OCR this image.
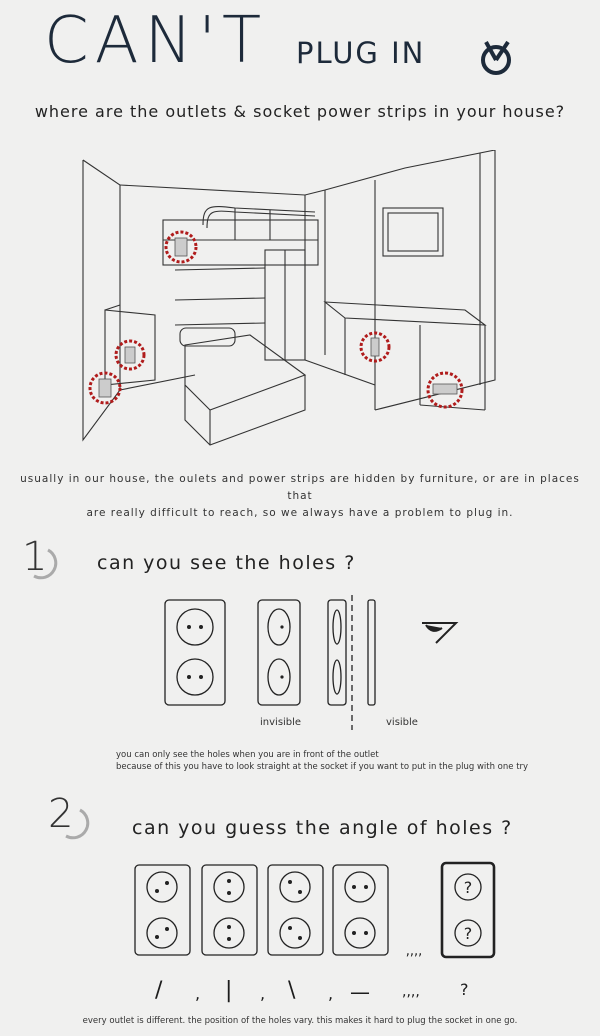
CAN'T PLUG IN
where are the outlets & socket power strips in your house?
usually in our house, the oulets and power strips are hidden by furniture, or are in places that
are really difficult to reach, so we always have a problem to plug in.
1	can you see the holes ?
invisible	visible
you can only see the holes when you are in front of the outlet
because of this you have to look straight at the socket if you want to put in the plug with one try
2	can you guess the angle of holes ?
?
?
,,,,
/ , | , \ , — ,,,,	?
every outlet is different. the position of the holes vary. this makes it hard to plug the socket in one go.
